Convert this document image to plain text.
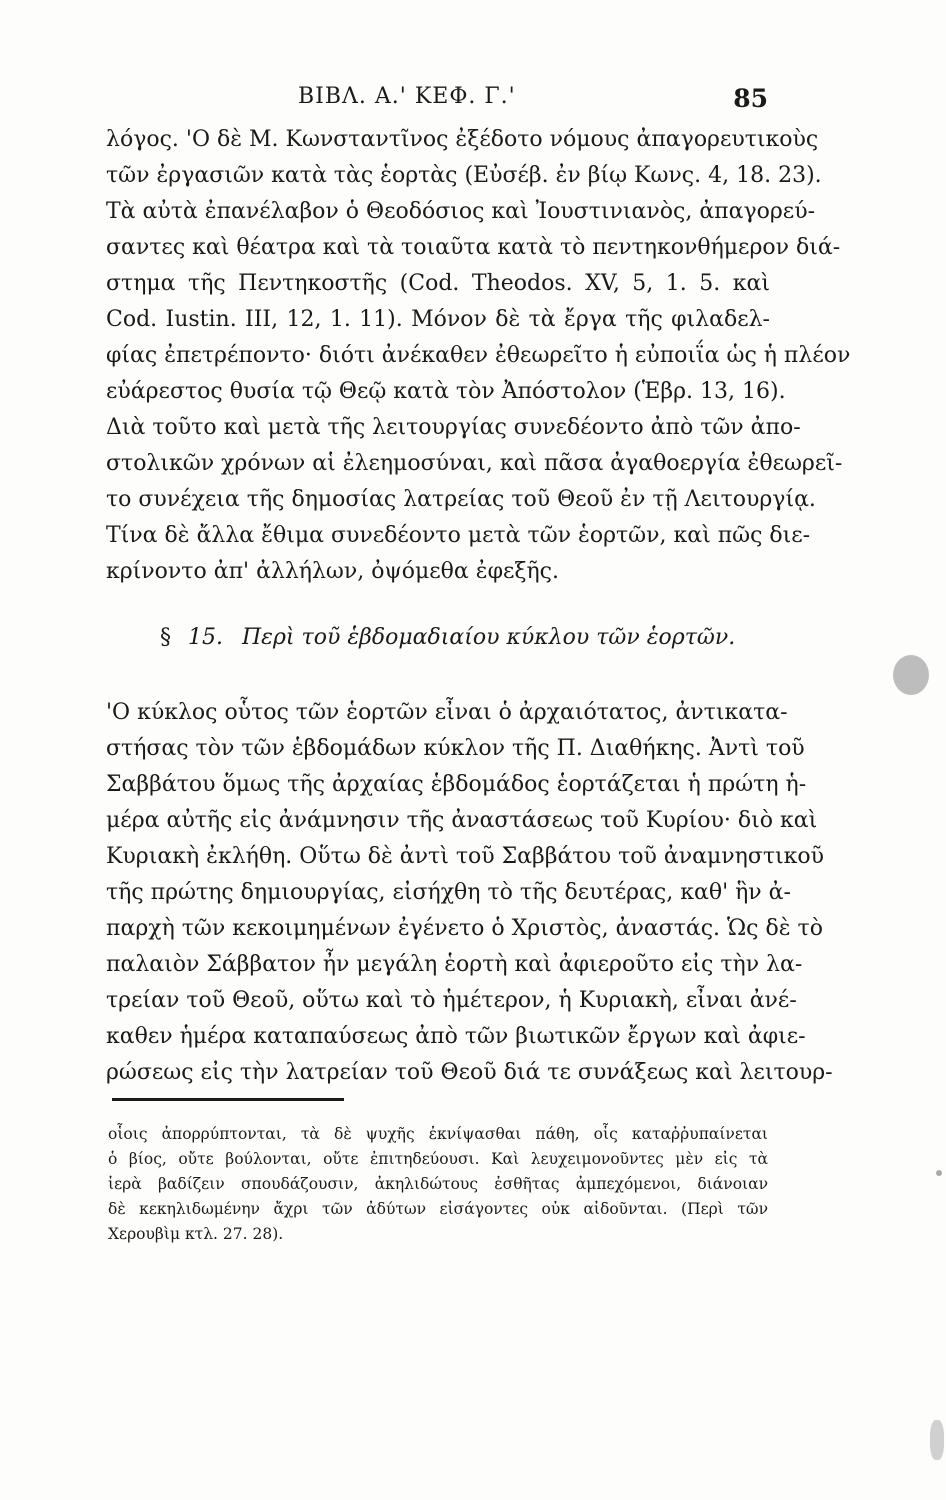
ΒΙΒΛ. Α.' ΚΕΦ. Γ.'	85
λόγος. 'Ο δὲ Μ. Κωνσταντῖνος ἐξέδοτο νόμους ἀπαγορευτικοὺς
τῶν ἐργασιῶν κατὰ τὰς ἑορτὰς (Εὐσέβ. ἐν βίῳ Κωνς. 4, 18. 23).
Τὰ αὐτὰ ἐπανέλαβον ὁ Θεοδόσιος καὶ Ἰουστινιανὸς, ἀπαγορεύ-
σαντες καὶ θέατρα καὶ τὰ τοιαῦτα κατὰ τὸ πεντηκονθήμερον διά-
στημα τῆς Πεντηκοστῆς (Cod. Theodos. XV, 5, 1. 5. καὶ
Cod. Iustin. III, 12, 1. 11). Μόνον δὲ τὰ ἔργα τῆς φιλαδελ-
φίας ἐπετρέποντο· διότι ἀνέκαθεν ἐθεωρεῖτο ἡ εὐποιΐα ὡς ἡ πλέον
εὐάρεστος θυσία τῷ Θεῷ κατὰ τὸν Ἀπόστολον (Ἑβρ. 13, 16).
Διὰ τοῦτο καὶ μετὰ τῆς λειτουργίας συνεδέοντο ἀπὸ τῶν ἀπο-
στολικῶν χρόνων αἱ ἐλεημοσύναι, καὶ πᾶσα ἀγαθοεργία ἐθεωρεῖ-
το συνέχεια τῆς δημοσίας λατρείας τοῦ Θεοῦ ἐν τῇ Λειτουργίᾳ.
Τίνα δὲ ἄλλα ἔθιμα συνεδέοντο μετὰ τῶν ἑορτῶν, καὶ πῶς διε-
κρίνοντο ἀπ' ἀλλήλων, ὀψόμεθα ἐφεξῆς.
§ 15. Περὶ τοῦ ἑβδομαδιαίου κύκλου τῶν ἑορτῶν.
'Ο κύκλος οὗτος τῶν ἑορτῶν εἶναι ὁ ἀρχαιότατος, ἀντικατα-
στήσας τὸν τῶν ἑβδομάδων κύκλον τῆς Π. Διαθήκης. Ἀντὶ τοῦ
Σαββάτου ὅμως τῆς ἀρχαίας ἑβδομάδος ἑορτάζεται ἡ πρώτη ἡ-
μέρα αὐτῆς εἰς ἀνάμνησιν τῆς ἀναστάσεως τοῦ Κυρίου· διὸ καὶ
Κυριακὴ ἐκλήθη. Οὕτω δὲ ἀντὶ τοῦ Σαββάτου τοῦ ἀναμνηστικοῦ
τῆς πρώτης δημιουργίας, εἰσήχθη τὸ τῆς δευτέρας, καθ' ἣν ἀ-
παρχὴ τῶν κεκοιμημένων ἐγένετο ὁ Χριστὸς, ἀναστάς. Ὡς δὲ τὸ
παλαιὸν Σάββατον ἦν μεγάλη ἑορτὴ καὶ ἀφιεροῦτο εἰς τὴν λα-
τρείαν τοῦ Θεοῦ, οὕτω καὶ τὸ ἡμέτερον, ἡ Κυριακὴ, εἶναι ἀνέ-
καθεν ἡμέρα καταπαύσεως ἀπὸ τῶν βιωτικῶν ἔργων καὶ ἀφιε-
ρώσεως εἰς τὴν λατρείαν τοῦ Θεοῦ διά τε συνάξεως καὶ λειτουρ-
οἷοις ἀπορρύπτονται, τὰ δὲ ψυχῆς ἐκνίψασθαι πάθη, οἷς καταῤῥυπαίνεται
ὁ βίος, οὔτε βούλονται, οὔτε ἐπιτηδεύουσι. Καὶ λευχειμονοῦντες μὲν εἰς τὰ
ἱερὰ βαδίζειν σπουδάζουσιν, ἀκηλιδώτους ἐσθῆτας ἀμπεχόμενοι, διάνοιαν
δὲ κεκηλιδωμένην ἄχρι τῶν ἀδύτων εἰσάγοντες οὐκ αἰδοῦνται. (Περὶ τῶν
Χερουβὶμ κτλ. 27. 28).
